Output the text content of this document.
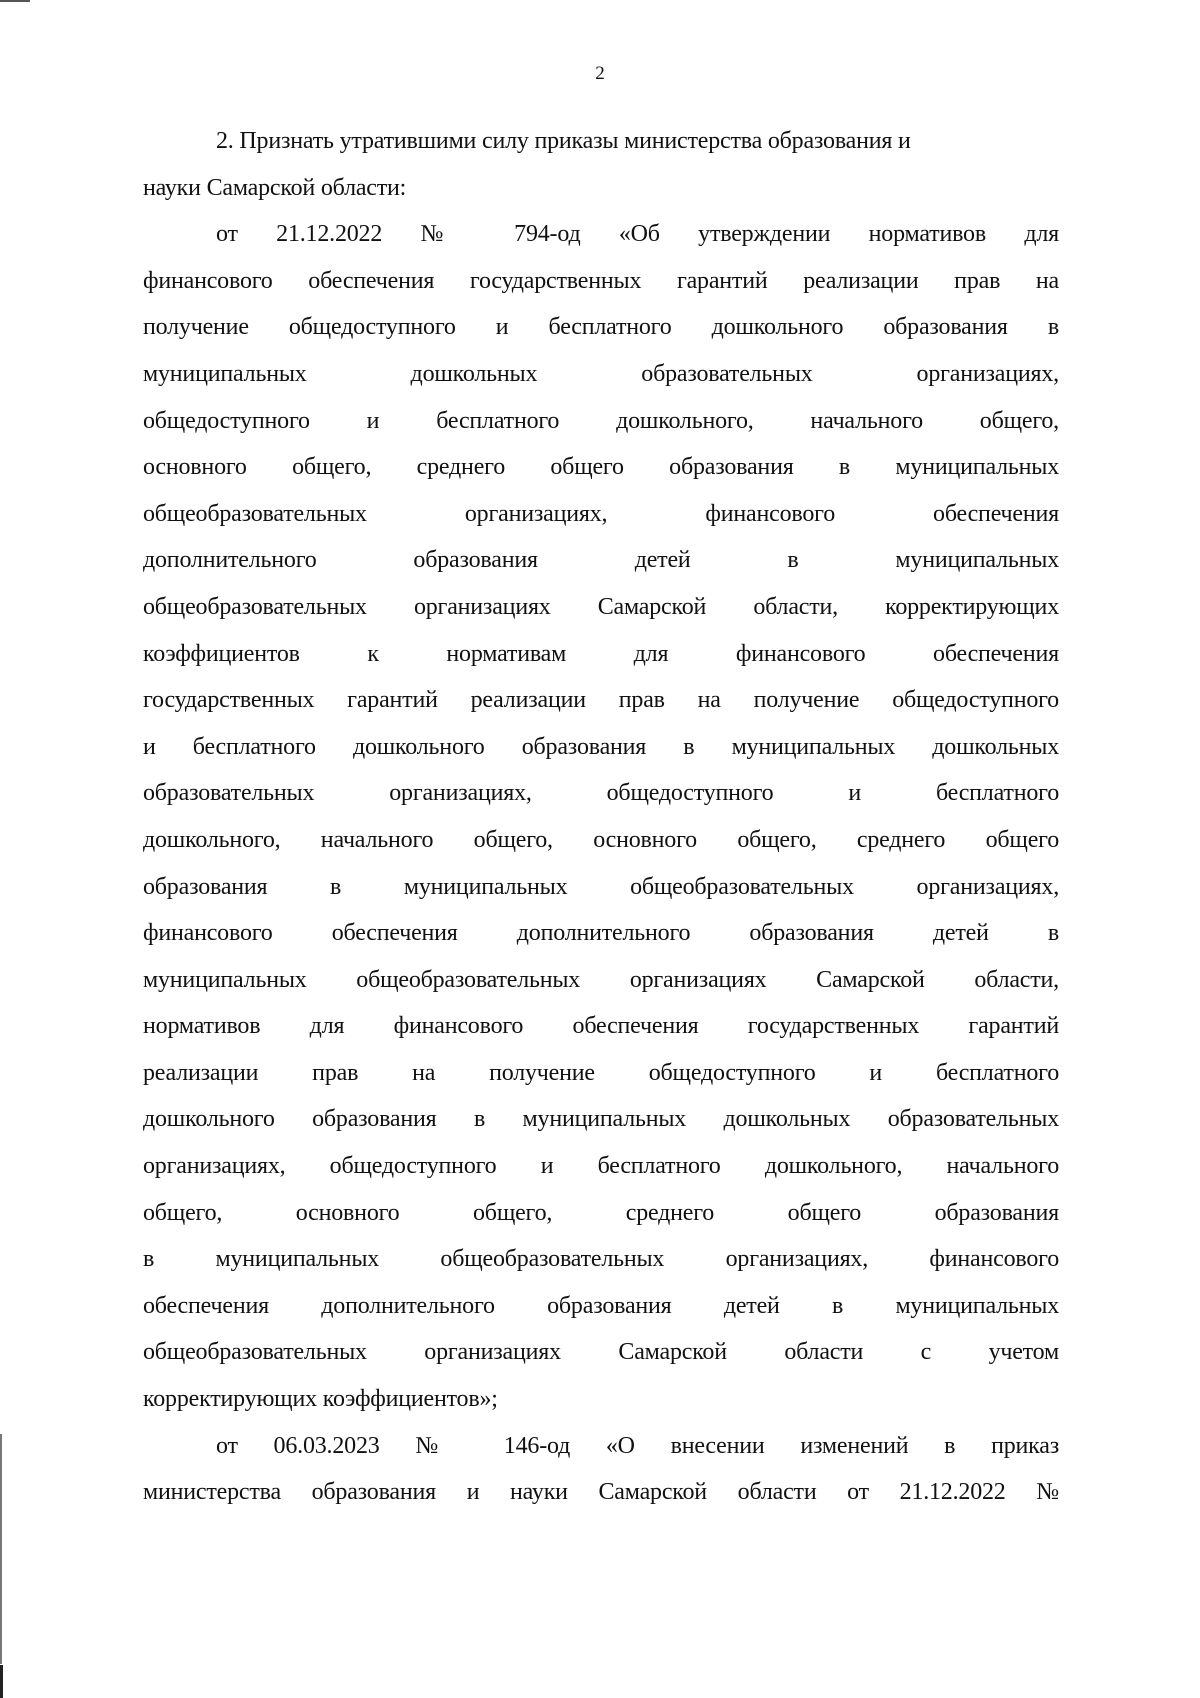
2
2. Признать утратившими силу приказы министерства образования и
науки Самарской области:
от 21.12.2022 № 794-од «Об утверждении нормативов для
финансового обеспечения государственных гарантий реализации прав на
получение общедоступного и бесплатного дошкольного образования в
муниципальных дошкольных образовательных организациях,
общедоступного и бесплатного дошкольного, начального общего,
основного общего, среднего общего образования в муниципальных
общеобразовательных организациях, финансового обеспечения
дополнительного образования детей в муниципальных
общеобразовательных организациях Самарской области, корректирующих
коэффициентов к нормативам для финансового обеспечения
государственных гарантий реализации прав на получение общедоступного
и бесплатного дошкольного образования в муниципальных дошкольных
образовательных организациях, общедоступного и бесплатного
дошкольного, начального общего, основного общего, среднего общего
образования в муниципальных общеобразовательных организациях,
финансового обеспечения дополнительного образования детей в
муниципальных общеобразовательных организациях Самарской области,
нормативов для финансового обеспечения государственных гарантий
реализации прав на получение общедоступного и бесплатного
дошкольного образования в муниципальных дошкольных образовательных
организациях, общедоступного и бесплатного дошкольного, начального
общего, основного общего, среднего общего образования
в муниципальных общеобразовательных организациях, финансового
обеспечения дополнительного образования детей в муниципальных
общеобразовательных организациях Самарской области с учетом
корректирующих коэффициентов»;
от 06.03.2023 № 146-од «О внесении изменений в приказ
министерства образования и науки Самарской области от 21.12.2022 №
